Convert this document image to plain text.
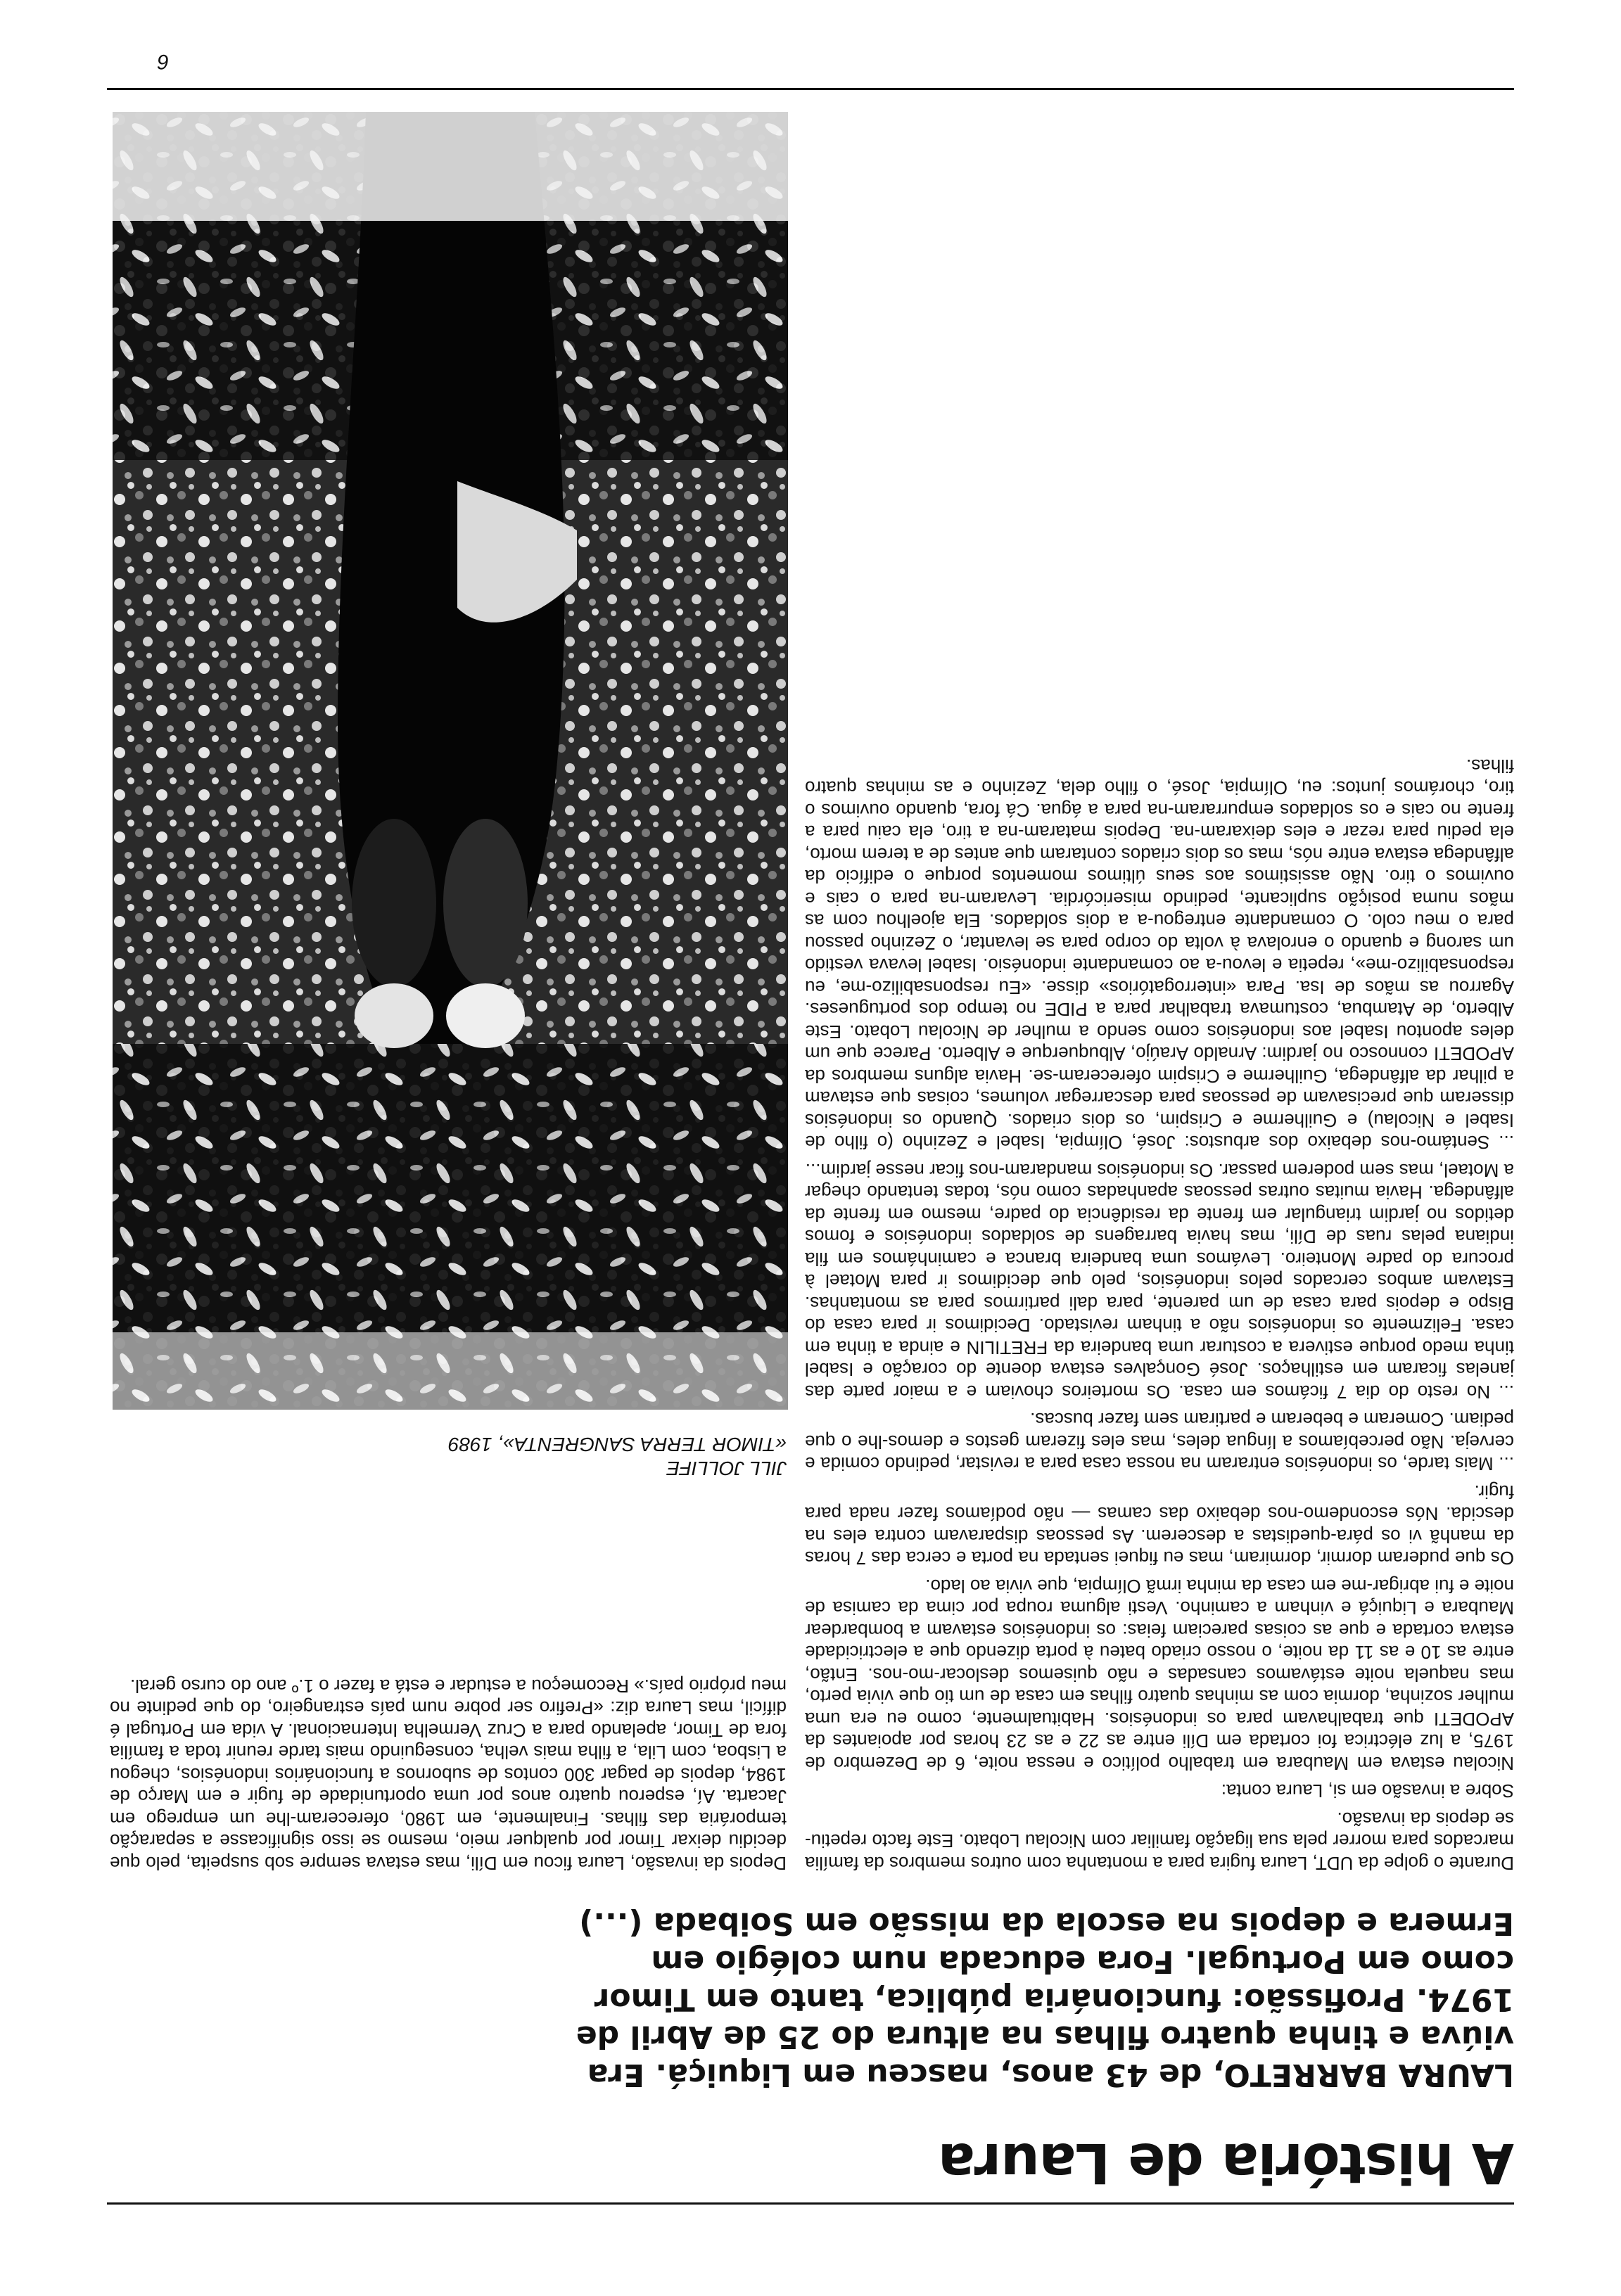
A história de Laura
LAURA BARRETO, de 43 anos, nasceu em Liquiçá. Era viúva e tinha quatro filhas na altura do 25 de Abril de 1974. Profissão: funcionária pública, tanto em Timor como em Portugal. Fora educada num colégio em Ermera e depois na escola da missão em Soibada (...)

Durante o golpe da UDT, Laura fugira para a montanha com outros membros da família marcados para morrer pela sua ligação familiar com Nicolau Lobato. Este facto repetiu-se depois da invasão.

Sobre a invasão em si, Laura conta:

Nicolau estava em Maubara em trabalho político e nessa noite, 6 de Dezembro de 1975, a luz eléctrica foi cortada em Díli entre as 22 e as 23 horas por apoiantes da APODETI que trabalhavam para os indonésios. Habitualmente, como eu era uma mulher sozinha, dormia com as minhas quatro filhas em casa de um tio que vivia perto, mas naquela noite estávamos cansadas e não quisemos deslocar-mo-nos. Então, entre as 10 e as 11 da noite, o nosso criado bateu à porta dizendo que a electricidade estava cortada e que as coisas pareciam feias: os indonésios estavam a bombardear Maubara e Liquiçá e vinham a caminho. Vesti alguma roupa por cima da camisa de noite e fui abrigar-me em casa da minha irmã Olímpia, que vivia ao lado.

Os que puderam dormir, dormiram, mas eu fiquei sentada na porta e cerca das 7 horas da manhã vi os pára-quedistas a descerem. As pessoas disparavam contra eles na descida. Nós escondemo-nos debaixo das camas — não podíamos fazer nada para fugir.

... Mais tarde, os indonésios entraram na nossa casa para a revistar, pedindo comida e cerveja. Não percebíamos a língua deles, mas eles fizeram gestos e demos-lhe o que pediam. Comeram e beberam e partiram sem fazer buscas.

... No resto do dia 7 ficámos em casa. Os morteiros choviam e a maior parte das janelas ficaram em estilhaços. José Gonçalves estava doente do coração e Isabel tinha medo porque estivera a costurar uma bandeira da FRETILIN e ainda a tinha em casa. Felizmente os indonésios não a tinham revistado. Decidimos ir para casa do Bispo e depois para casa de um parente, para dali partirmos para as montanhas. Estavam ambos cercados pelos indonésios, pelo que decidimos ir para Motael à procura do padre Monteiro. Levámos uma bandeira branca e caminhámos em fila indiana pelas ruas de Díli, mas havia barragens de soldados indonésios e fomos detidos no jardim triangular em frente da residência do padre, mesmo em frente da alfândega. Havia muitas outras pessoas apanhadas como nós, todas tentando chegar a Motael, mas sem poderem passar. Os indonésios mandaram-nos ficar nesse jardim...

... Sentámo-nos debaixo dos arbustos: José, Olímpia, Isabel e Zezinho (o filho de Isabel e Nicolau) e Guilherme e Crispim, os dois criados. Quando os indonésios disseram que precisavam de pessoas para descarregar volumes, coisas que estavam a pilhar da alfândega, Guilherme e Crispim ofereceram-se. Havia alguns membros da APODETI connosco no jardim: Arnaldo Araújo, Albuquerque e Alberto. Parece que um deles apontou Isabel aos indonésios como sendo a mulher de Nicolau Lobato. Este Alberto, de Atambua, costumava trabalhar para a PIDE no tempo dos portugueses. Agarrou as mãos de Isa. Para «interrogatórios» disse. «Eu responsabilizo-me, eu responsabilizo-me», repetia e levou-a ao comandante indonésio. Isabel levava vestido um sarong e quando o enrolava à volta do corpo para se levantar, o Zezinho passou para o meu colo. O comandante entregou-a a dois soldados. Ela ajoelhou com as mãos numa posição suplicante, pedindo misericórdia. Levaram-na para o cais e ouvimos o tiro. Não assistimos aos seus últimos momentos porque o edifício da alfândega estava entre nós, mas os dois criados contaram que antes de a terem morto, ela pediu para rezar e eles deixaram-na. Depois mataram-na a tiro, ela caiu para a frente no cais e os soldados empurraram-na para a água. Cá fora, quando ouvimos o tiro, chorámos juntos: eu, Olímpia, José, o filho dela, Zezinho e as minhas quatro filhas.

Depois da invasão, Laura ficou em Díli, mas estava sempre sob suspeita, pelo que decidiu deixar Timor por qualquer meio, mesmo se isso significasse a separação temporária das filhas. Finalmente, em 1980, ofereceram-lhe um emprego em Jacarta. Aí, esperou quatro anos por uma oportunidade de fugir e em Março de 1984, depois de pagar 300 contos de subornos a funcionários indonésios, chegou a Lisboa, com Lila, a filha mais velha, conseguindo mais tarde reunir toda a família fora de Timor, apelando para a Cruz Vermelha Internacional. A vida em Portugal é difícil, mas Laura diz: «Prefiro ser pobre num país estrangeiro, do que pedinte no meu próprio país.» Recomeçou a estudar e está a fazer o 1.º ano do curso geral.

JILL JOLLIFE
«TIMOR TERRA SANGRENTA», 1989
6
